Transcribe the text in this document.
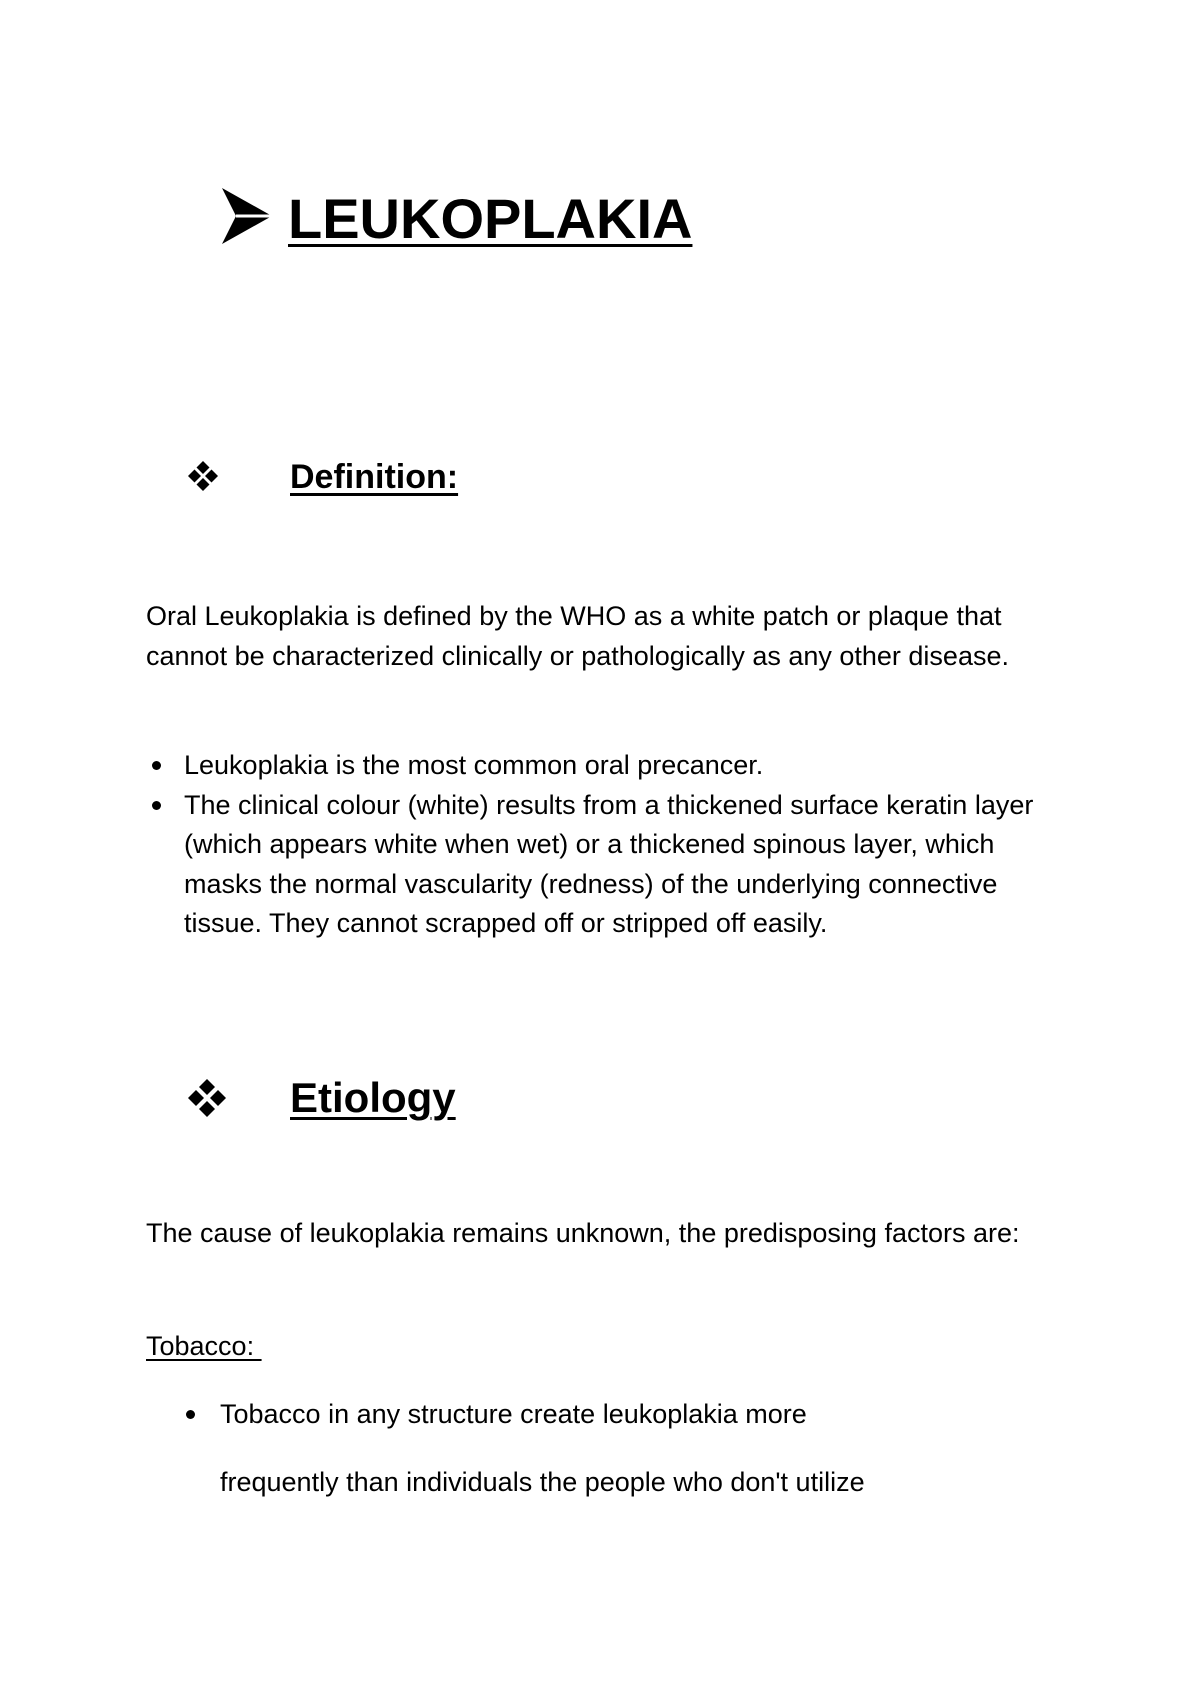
LEUKOPLAKIA
Definition:

Oral Leukoplakia is defined by the WHO as a white patch or plaque that cannot be characterized clinically or pathologically as any other disease.

Leukoplakia is the most common oral precancer.
The clinical colour (white) results from a thickened surface keratin layer (which appears white when wet) or a thickened spinous layer, which masks the normal vascularity (redness) of the underlying connective tissue. They cannot scrapped off or stripped off easily.
Etiology

The cause of leukoplakia remains unknown, the predisposing factors are:

Tobacco:
Tobacco in any structure create leukoplakia more
frequently than individuals the people who don't utilize
